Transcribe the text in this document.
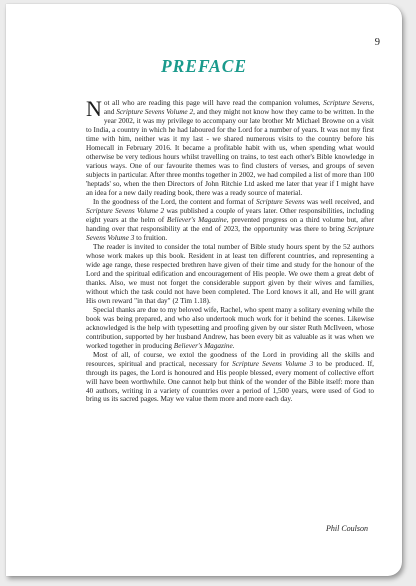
9
PREFACE

Not all who are reading this page will have read the companion volumes, Scripture Sevens, and Scripture Sevens Volume 2, and they might not know how they came to be written. In the year 2002, it was my privilege to accompany our late brother Mr Michael Browne on a visit to India, a country in which he had laboured for the Lord for a number of years. It was not my first time with him, neither was it my last - we shared numerous visits to the country before his Homecall in February 2016. It became a profitable habit with us, when spending what would otherwise be very tedious hours whilst travelling on trains, to test each other's Bible knowledge in various ways. One of our favourite themes was to find clusters of verses, and groups of seven subjects in particular. After three months together in 2002, we had compiled a list of more than 100 'heptads' so, when the then Directors of John Ritchie Ltd asked me later that year if I might have an idea for a new daily reading book, there was a ready source of material.

In the goodness of the Lord, the content and format of Scripture Sevens was well received, and Scripture Sevens Volume 2 was published a couple of years later. Other responsibilities, including eight years at the helm of Believer's Magazine, prevented progress on a third volume but, after handing over that responsibility at the end of 2023, the opportunity was there to bring Scripture Sevens Volume 3 to fruition.

The reader is invited to consider the total number of Bible study hours spent by the 52 authors whose work makes up this book. Resident in at least ten different countries, and representing a wide age range, these respected brethren have given of their time and study for the honour of the Lord and the spiritual edification and encouragement of His people. We owe them a great debt of thanks. Also, we must not forget the considerable support given by their wives and families, without which the task could not have been completed. The Lord knows it all, and He will grant His own reward "in that day" (2 Tim 1.18).

Special thanks are due to my beloved wife, Rachel, who spent many a solitary evening while the book was being prepared, and who also undertook much work for it behind the scenes. Likewise acknowledged is the help with typesetting and proofing given by our sister Ruth McIlveen, whose contribution, supported by her husband Andrew, has been every bit as valuable as it was when we worked together in producing Believer's Magazine.

Most of all, of course, we extol the goodness of the Lord in providing all the skills and resources, spiritual and practical, necessary for Scripture Sevens Volume 3 to be produced. If, through its pages, the Lord is honoured and His people blessed, every moment of collective effort will have been worthwhile. One cannot help but think of the wonder of the Bible itself: more than 40 authors, writing in a variety of countries over a period of 1,500 years, were used of God to bring us its sacred pages. May we value them more and more each day.

Phil Coulson
